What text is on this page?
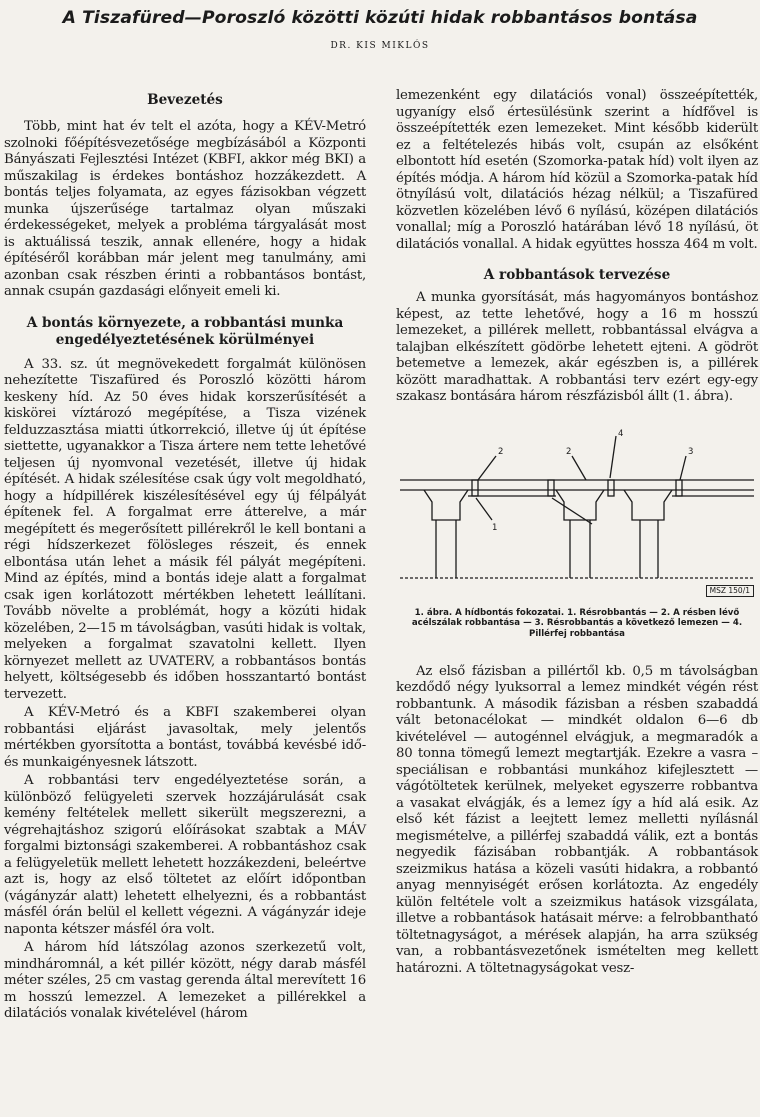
A Tiszafüred—Poroszló közötti közúti hidak robbantásos bontása
DR. KIS MIKLÓS
Bevezetés

Több, mint hat év telt el azóta, hogy a KÉV-Metró szolnoki főépítésvezetősége megbízásából a Központi Bányászati Fejlesztési Intézet (KBFI, akkor még BKI) a műszakilag is érdekes bontáshoz hozzákezdett. A bontás teljes folyamata, az egyes fázisokban végzett munka újszerűsége tartalmaz olyan műszaki érdekességeket, melyek a probléma tárgyalását most is aktuálissá teszik, annak ellenére, hogy a hidak építéséről korábban már jelent meg tanulmány, ami azonban csak részben érinti a robbantásos bontást, annak csupán gazdasági előnyeit emeli ki.

A bontás környezete, a robbantási munka engedélyeztetésének körülményei

A 33. sz. út megnövekedett forgalmát különösen nehezítette Tiszafüred és Poroszló közötti három keskeny híd. Az 50 éves hidak korszerűsítését a kiskörei víztározó megépítése, a Tisza vizének felduzzasztása miatti útkorrekció, illetve új út építése siettette, ugyanakkor a Tisza ártere nem tette lehetővé teljesen új nyomvonal vezetését, illetve új hidak építését. A hidak szélesítése csak úgy volt megoldható, hogy a hídpillérek kiszélesítésével egy új félpályát építenek fel. A forgalmat erre átterelve, a már megépített és megerősített pillérekről le kell bontani a régi hídszerkezet fölösleges részeit, és ennek elbontása után lehet a másik fél pályát megépíteni. Mind az építés, mind a bontás ideje alatt a forgalmat csak igen korlátozott mértékben lehetett leállítani. Tovább növelte a problémát, hogy a közúti hidak közelében, 2—15 m távolságban, vasúti hidak is voltak, melyeken a forgalmat szavatolni kellett. Ilyen környezet mellett az UVATERV, a robbantásos bontás helyett, költségesebb és időben hosszantartó bontást tervezett.

A KÉV-Metró és a KBFI szakemberei olyan robbantási eljárást javasoltak, mely jelentős mértékben gyorsította a bontást, továbbá kevésbé idő- és munkaigényesnek látszott.

A robbantási terv engedélyeztetése során, a különböző felügyeleti szervek hozzájárulását csak kemény feltételek mellett sikerült megszerezni, a végrehajtáshoz szigorú előírásokat szabtak a MÁV forgalmi biztonsági szakemberei. A robbantáshoz csak a felügyeletük mellett lehetett hozzákezdeni, beleértve azt is, hogy az első töltetet az előírt időpontban (vágányzár alatt) lehetett elhelyezni, és a robbantást másfél órán belül el kellett végezni. A vágányzár ideje naponta kétszer másfél óra volt.

A három híd látszólag azonos szerkezetű volt, mindháromnál, a két pillér között, négy darab másfél méter széles, 25 cm vastag gerenda által merevített 16 m hosszú lemezzel. A lemezeket a pillérekkel a dilatációs vonalak kivételével (három

lemezenként egy dilatációs vonal) összeépítették, ugyanígy első értesülésünk szerint a hídfővel is összeépítették ezen lemezeket. Mint később kiderült ez a feltételezés hibás volt, csupán az elsőként elbontott híd esetén (Szomorka-patak híd) volt ilyen az építés módja. A három híd közül a Szomorka-patak híd ötnyílású volt, dilatációs hézag nélkül; a Tiszafüred közvetlen közelében lévő 6 nyílású, középen dilatációs vonallal; míg a Poroszló határában lévő 18 nyílású, öt dilatációs vonallal. A hidak együttes hossza 464 m volt.

A robbantások tervezése

A munka gyorsítását, más hagyományos bontáshoz képest, az tette lehetővé, hogy a 16 m hosszú lemezeket, a pillérek mellett, robbantással elvágva a talajban elkészített gödörbe lehetett ejteni. A gödröt betemetve a lemezek, akár egészben is, a pillérek között maradhattak. A robbantási terv ezért egy-egy szakasz bontására három részfázisból állt (1. ábra).

2	2	3
4
1
MSZ 150/1
1. ábra. A hídbontás fokozatai. 1. Résrobbantás — 2. A résben lévő
acélszálak robbantása — 3. Résrobbantás a következő lemezen — 4.
Pillérfej robbantása

Az első fázisban a pillértől kb. 0,5 m távolságban kezdődő négy lyuksorral a lemez mindkét végén rést robbantunk. A második fázisban a résben szabaddá vált betonacélokat — mindkét oldalon 6—6 db kivételével — autogénnel elvágjuk, a megmaradók a 80 tonna tömegű lemezt megtartják. Ezekre a vasra – speciálisan e robbantási munkához kifejlesztett — vágótöltetek kerülnek, melyeket egyszerre robbantva a vasakat elvágják, és a lemez így a híd alá esik. Az első két fázist a leejtett lemez melletti nyílásnál megismételve, a pillérfej szabaddá válik, ezt a bontás negyedik fázisában robbantják. A robbantások szeizmikus hatása a közeli vasúti hidakra, a robbantó anyag mennyiségét erősen korlátozta. Az engedély külön feltétele volt a szeizmikus hatások vizsgálata, illetve a robbantások hatásait mérve: a felrobbantható töltetnagyságot, a mérések alapján, ha arra szükség van, a robbantásvezetőnek ismételten meg kellett határozni. A töltetnagyságokat vesz-
